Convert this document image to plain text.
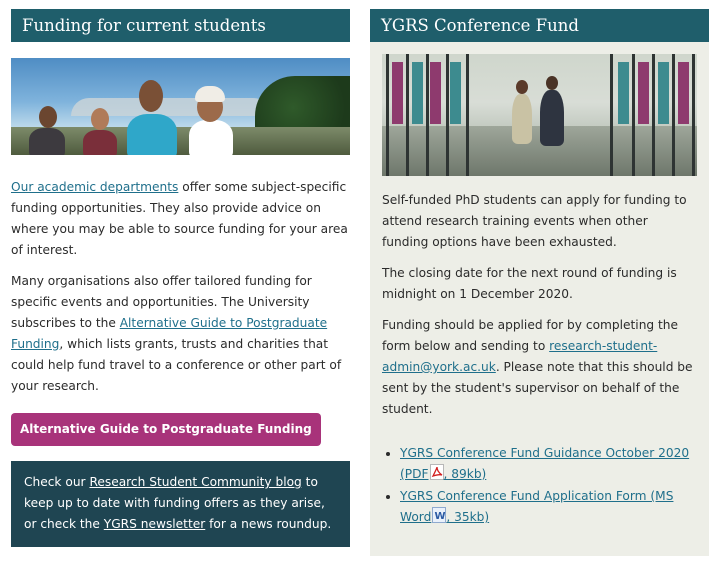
Funding for current students
Our academic departments offer some subject-specific funding opportunities. They also provide advice on where you may be able to source funding for your area of interest.
Many organisations also offer tailored funding for specific events and opportunities. The University subscribes to the Alternative Guide to Postgraduate Funding, which lists grants, trusts and charities that could help fund travel to a conference or other part of your research.
Alternative Guide to Postgraduate Funding
Check our Research Student Community blog to keep up to date with funding offers as they arise, or check the YGRS newsletter for a news roundup.
YGRS Conference Fund
Self-funded PhD students can apply for funding to attend research training events when other funding options have been exhausted.
The closing date for the next round of funding is midnight on 1 December 2020.
Funding should be applied for by completing the form below and sending to research-student-admin@york.ac.uk. Please note that this should be sent by the student's supervisor on behalf of the student.
• YGRS Conference Fund Guidance October 2020 (PDF , 89kb)
• YGRS Conference Fund Application Form (MS Word W , 35kb)
